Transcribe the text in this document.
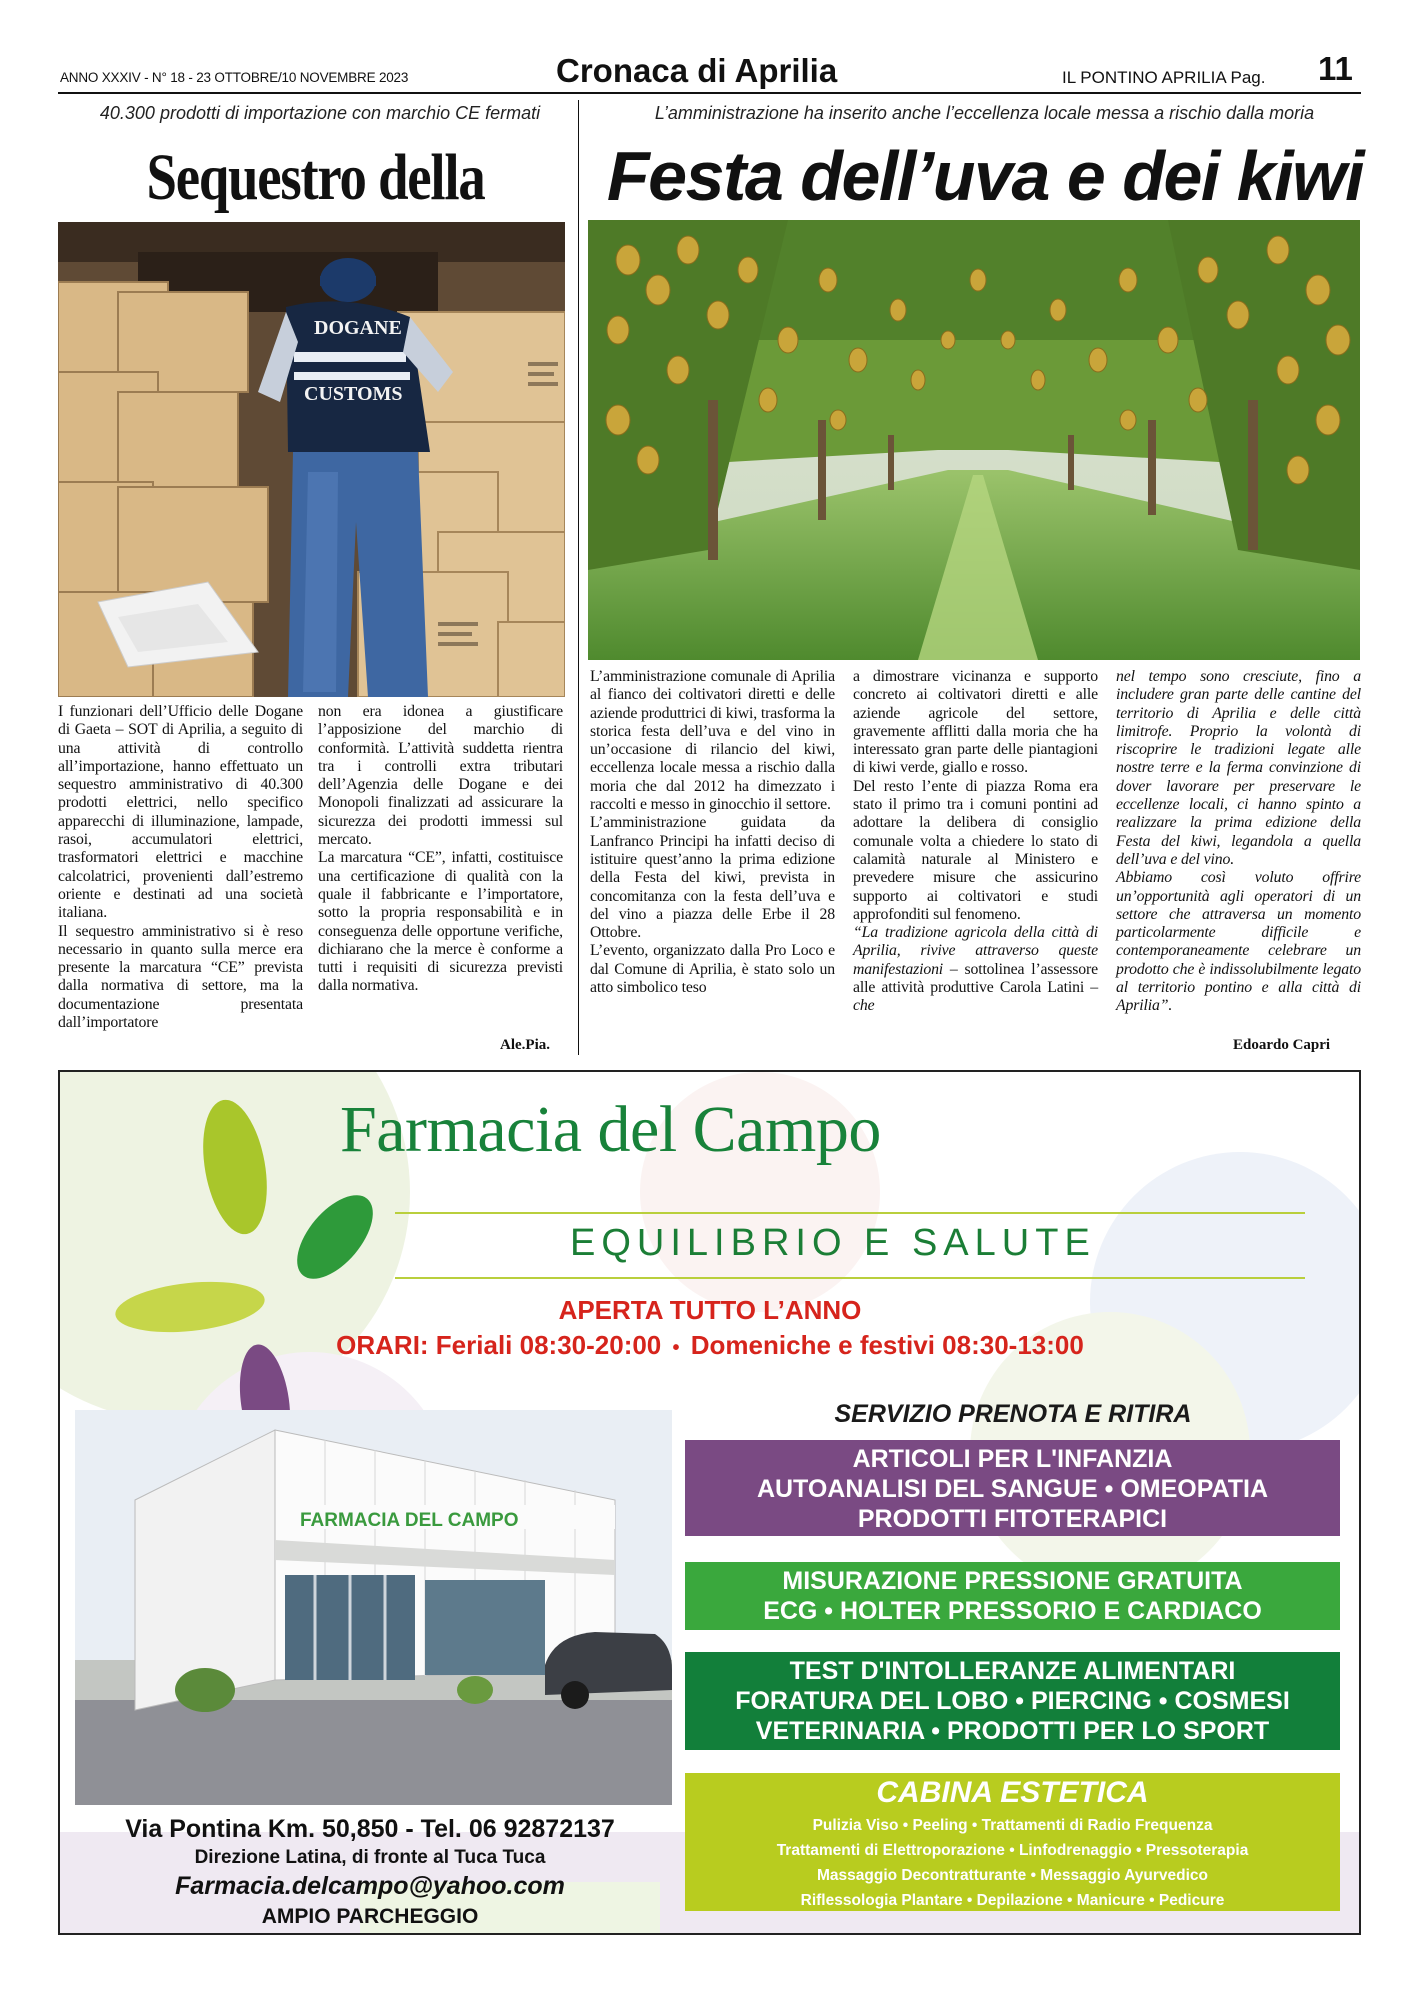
ANNO XXXIV - N° 18 - 23 OTTOBRE/10 NOVEMBRE 2023	Cronaca di Aprilia	IL PONTINO APRILIA Pag. 11
40.300 prodotti di importazione con marchio CE fermati
Sequestro della
DOGANE
CUSTOMS

I funzionari dell’Ufficio delle Dogane di Gaeta – SOT di Aprilia, a seguito di una attività di controllo all’importazione, hanno effettuato un sequestro amministrativo di 40.300 prodotti elettrici, nello specifico apparecchi di illuminazione, lampade, rasoi, accumulatori elettrici, trasformatori elettrici e macchine calcolatrici, provenienti dall’estremo oriente e destinati ad una società italiana.

Il sequestro amministrativo si è reso necessario in quanto sulla merce era presente la marcatura “CE” prevista dalla normativa di settore, ma la documentazione presentata dall’importatore

non era idonea a giustificare l’apposizione del marchio di conformità. L’attività suddetta rientra tra i controlli extra tributari dell’Agenzia delle Dogane e dei Monopoli finalizzati ad assicurare la sicurezza dei prodotti immessi sul mercato.

La marcatura “CE”, infatti, costituisce una certificazione di qualità con la quale il fabbricante e l’importatore, sotto la propria responsabilità e in conseguenza delle opportune verifiche, dichiarano che la merce è conforme a tutti i requisiti di sicurezza previsti dalla normativa.

Ale.Pia.
L’amministrazione ha inserito anche l’eccellenza locale messa a rischio dalla moria
Festa dell’uva e dei kiwi

L’amministrazione comunale di Aprilia al fianco dei coltivatori diretti e delle aziende produttrici di kiwi, trasforma la storica festa dell’uva e del vino in un’occasione di rilancio del kiwi, eccellenza locale messa a rischio dalla moria che dal 2012 ha dimezzato i raccolti e messo in ginocchio il settore.

L’amministrazione guidata da Lanfranco Principi ha infatti deciso di istituire quest’anno la prima edizione della Festa del kiwi, prevista in concomitanza con la festa dell’uva e del vino a piazza delle Erbe il 28 Ottobre.

L’evento, organizzato dalla Pro Loco e dal Comune di Aprilia, è stato solo un atto simbolico teso

a dimostrare vicinanza e supporto concreto ai coltivatori diretti e alle aziende agricole del settore, gravemente afflitti dalla moria che ha interessato gran parte delle piantagioni di kiwi verde, giallo e rosso.

Del resto l’ente di piazza Roma era stato il primo tra i comuni pontini ad adottare la delibera di consiglio comunale volta a chiedere lo stato di calamità naturale al Ministero e prevedere misure che assicurino supporto ai coltivatori e studi approfonditi sul fenomeno.

“La tradizione agricola della città di Aprilia, rivive attraverso queste manifestazioni – sottolinea l’assessore alle attività produttive Carola Latini – che

nel tempo sono cresciute, fino a includere gran parte delle cantine del territorio di Aprilia e delle città limitrofe. Proprio la volontà di riscoprire le tradizioni legate alle nostre terre e la ferma convinzione di dover lavorare per preservare le eccellenze locali, ci hanno spinto a realizzare la prima edizione della Festa del kiwi, legandola a quella dell’uva e del vino.

Abbiamo così voluto offrire un’opportunità agli operatori di un settore che attraversa un momento particolarmente difficile e contemporaneamente celebrare un prodotto che è indissolubilmente legato al territorio pontino e alla città di Aprilia”.

Edoardo Capri
Farmacia del Campo
EQUILIBRIO E SALUTE
APERTA TUTTO L’ANNO
ORARI: Feriali 08:30-20:00 • Domeniche e festivi 08:30-13:00
FARMACIA DEL CAMPO
SERVIZIO PRENOTA E RITIRA
ARTICOLI PER L'INFANZIA
AUTOANALISI DEL SANGUE • OMEOPATIA
PRODOTTI FITOTERAPICI
MISURAZIONE PRESSIONE GRATUITA
ECG • HOLTER PRESSORIO E CARDIACO
TEST D'INTOLLERANZE ALIMENTARI
FORATURA DEL LOBO • PIERCING • COSMESI
VETERINARIA • PRODOTTI PER LO SPORT
CABINA ESTETICA
Pulizia Viso • Peeling • Trattamenti di Radio Frequenza
Trattamenti di Elettroporazione • Linfodrenaggio • Pressoterapia
Massaggio Decontratturante • Messaggio Ayurvedico
Riflessologia Plantare • Depilazione • Manicure • Pedicure
Via Pontina Km. 50,850 - Tel. 06 92872137
Direzione Latina, di fronte al Tuca Tuca
Farmacia.delcampo@yahoo.com
AMPIO PARCHEGGIO
